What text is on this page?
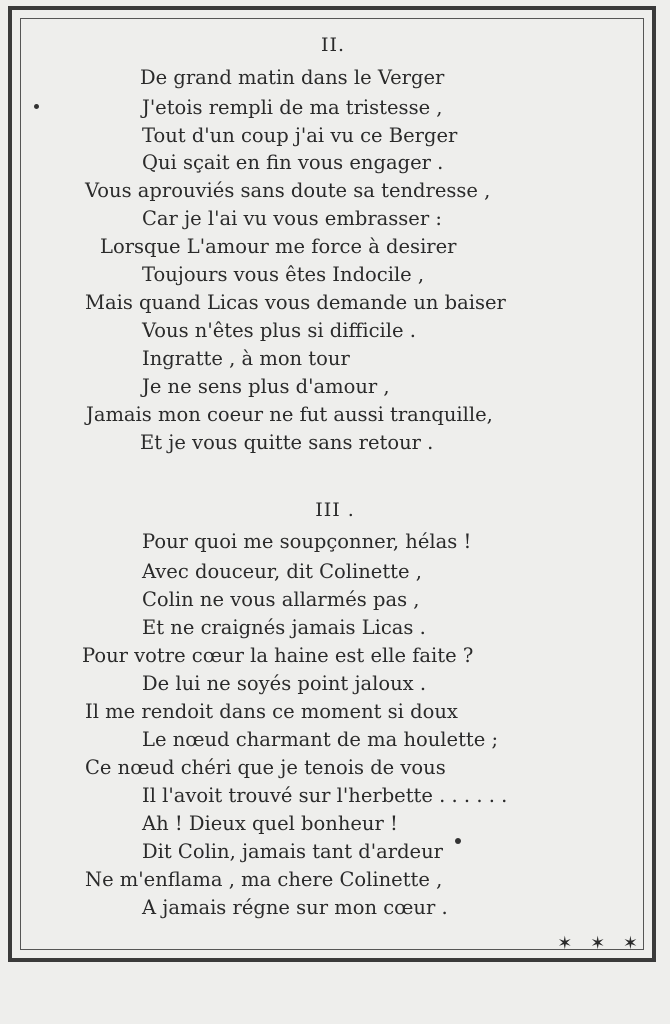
II.
De grand matin dans le Verger
J'etois rempli de ma tristesse ,
Tout d'un coup j'ai vu ce Berger
Qui sçait en fin vous engager .
Vous aprouviés sans doute sa tendresse ,
Car je l'ai vu vous embrasser :
Lorsque L'amour me force à desirer
Toujours vous êtes Indocile ,
Mais quand Licas vous demande un baiser
Vous n'êtes plus si difficile .
Ingratte , à mon tour
Je ne sens plus d'amour ,
Jamais mon coeur ne fut aussi tranquille,
Et je vous quitte sans retour .
III .
Pour quoi me soupçonner, hélas !
Avec douceur, dit Colinette ,
Colin ne vous allarmés pas ,
Et ne craignés jamais Licas .
Pour votre cœur la haine est elle faite ?
De lui ne soyés point jaloux .
Il me rendoit dans ce moment si doux
Le nœud charmant de ma houlette ;
Ce nœud chéri que je tenois de vous
Il l'avoit trouvé sur l'herbette . . . . . .
Ah ! Dieux quel bonheur !
Dit Colin, jamais tant d'ardeur
Ne m'enflama , ma chere Colinette ,
A jamais régne sur mon cœur .
✶ ✶ ✶
